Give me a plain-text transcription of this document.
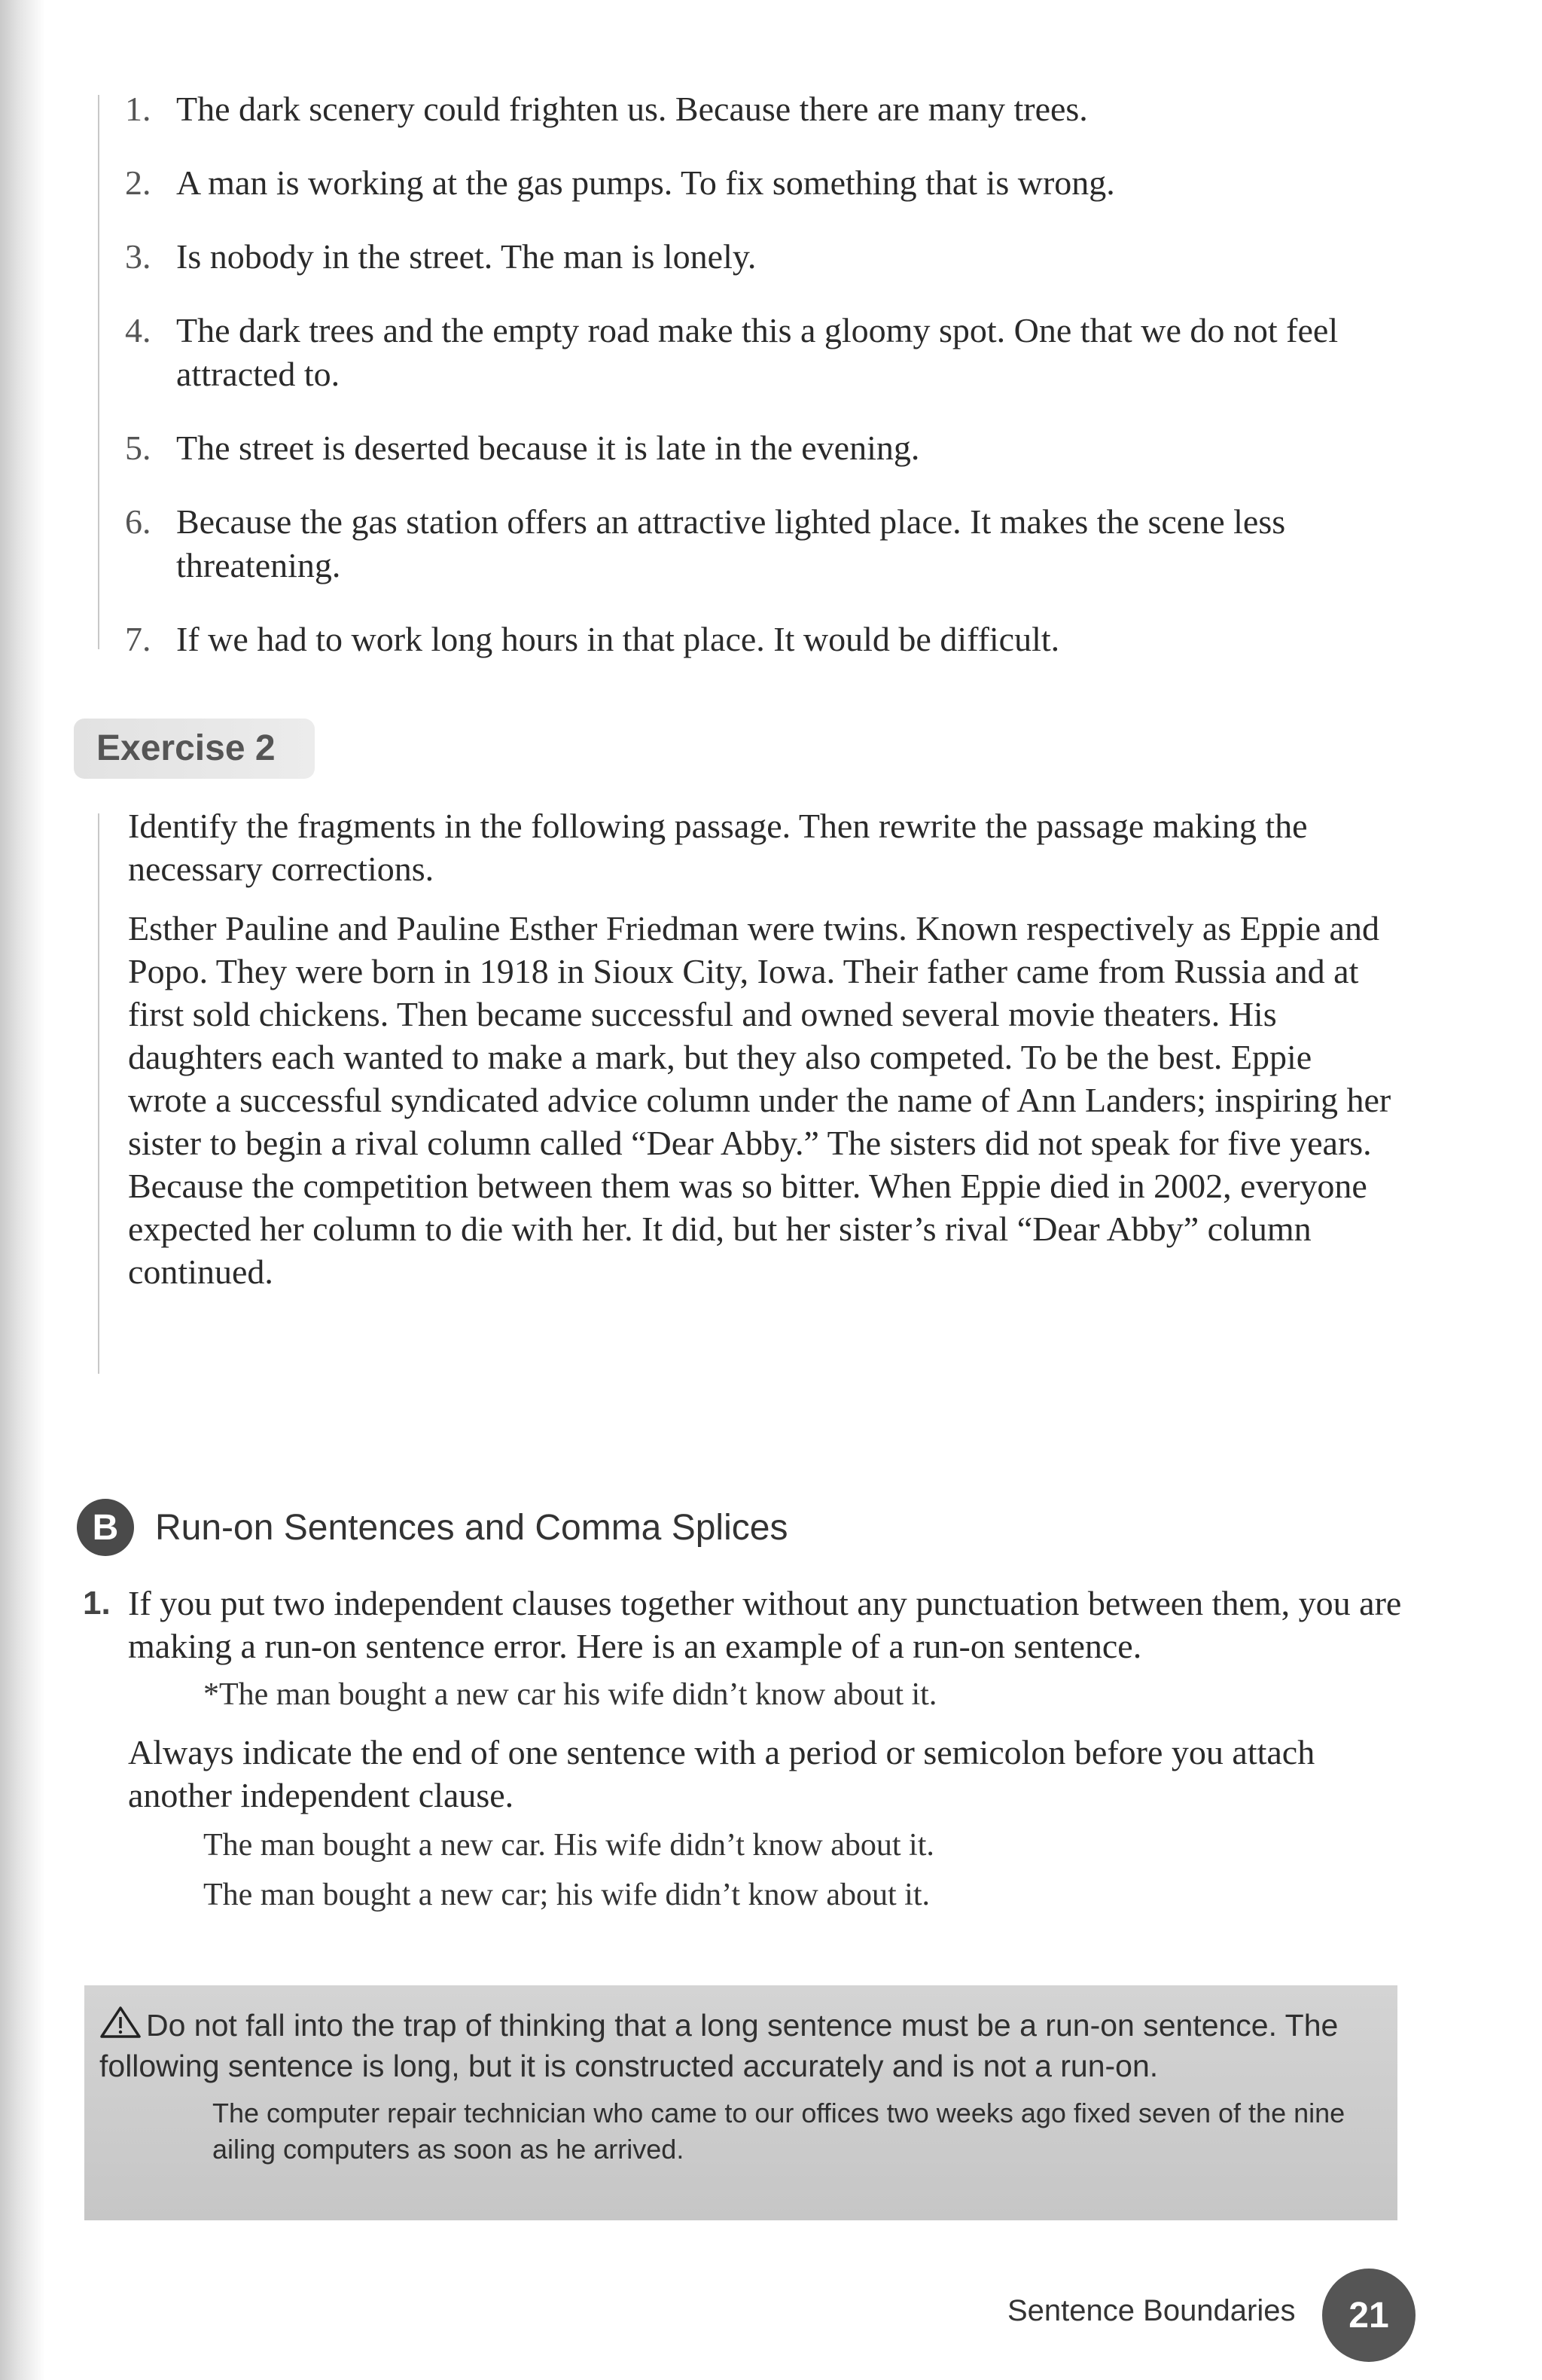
1. The dark scenery could frighten us. Because there are many trees.
2. A man is working at the gas pumps. To fix something that is wrong.
3. Is nobody in the street. The man is lonely.
4. The dark trees and the empty road make this a gloomy spot. One that we do not feel attracted to.
5. The street is deserted because it is late in the evening.
6. Because the gas station offers an attractive lighted place. It makes the scene less threatening.
7. If we had to work long hours in that place. It would be difficult.
Exercise 2

Identify the fragments in the following passage. Then rewrite the passage making the necessary corrections.

Esther Pauline and Pauline Esther Friedman were twins. Known respectively as Eppie and Popo. They were born in 1918 in Sioux City, Iowa. Their father came from Russia and at first sold chickens. Then became successful and owned several movie theaters. His daughters each wanted to make a mark, but they also competed. To be the best. Eppie wrote a successful syndicated advice column under the name of Ann Landers; inspiring her sister to begin a rival column called “Dear Abby.” The sisters did not speak for five years. Because the competition between them was so bitter. When Eppie died in 2002, everyone expected her column to die with her. It did, but her sister’s rival “Dear Abby” column continued.

B	Run-on Sentences and Comma Splices
1. If you put two independent clauses together without any punctuation between them, you are making a run-on sentence error. Here is an example of a run-on sentence.

*The man bought a new car his wife didn’t know about it.

Always indicate the end of one sentence with a period or semicolon before you attach another independent clause.

The man bought a new car. His wife didn’t know about it.

The man bought a new car; his wife didn’t know about it.

Do not fall into the trap of thinking that a long sentence must be a run-on sentence. The following sentence is long, but it is constructed accurately and is not a run-on.

The computer repair technician who came to our offices two weeks ago fixed seven of the nine ailing computers as soon as he arrived.

Sentence Boundaries	21
